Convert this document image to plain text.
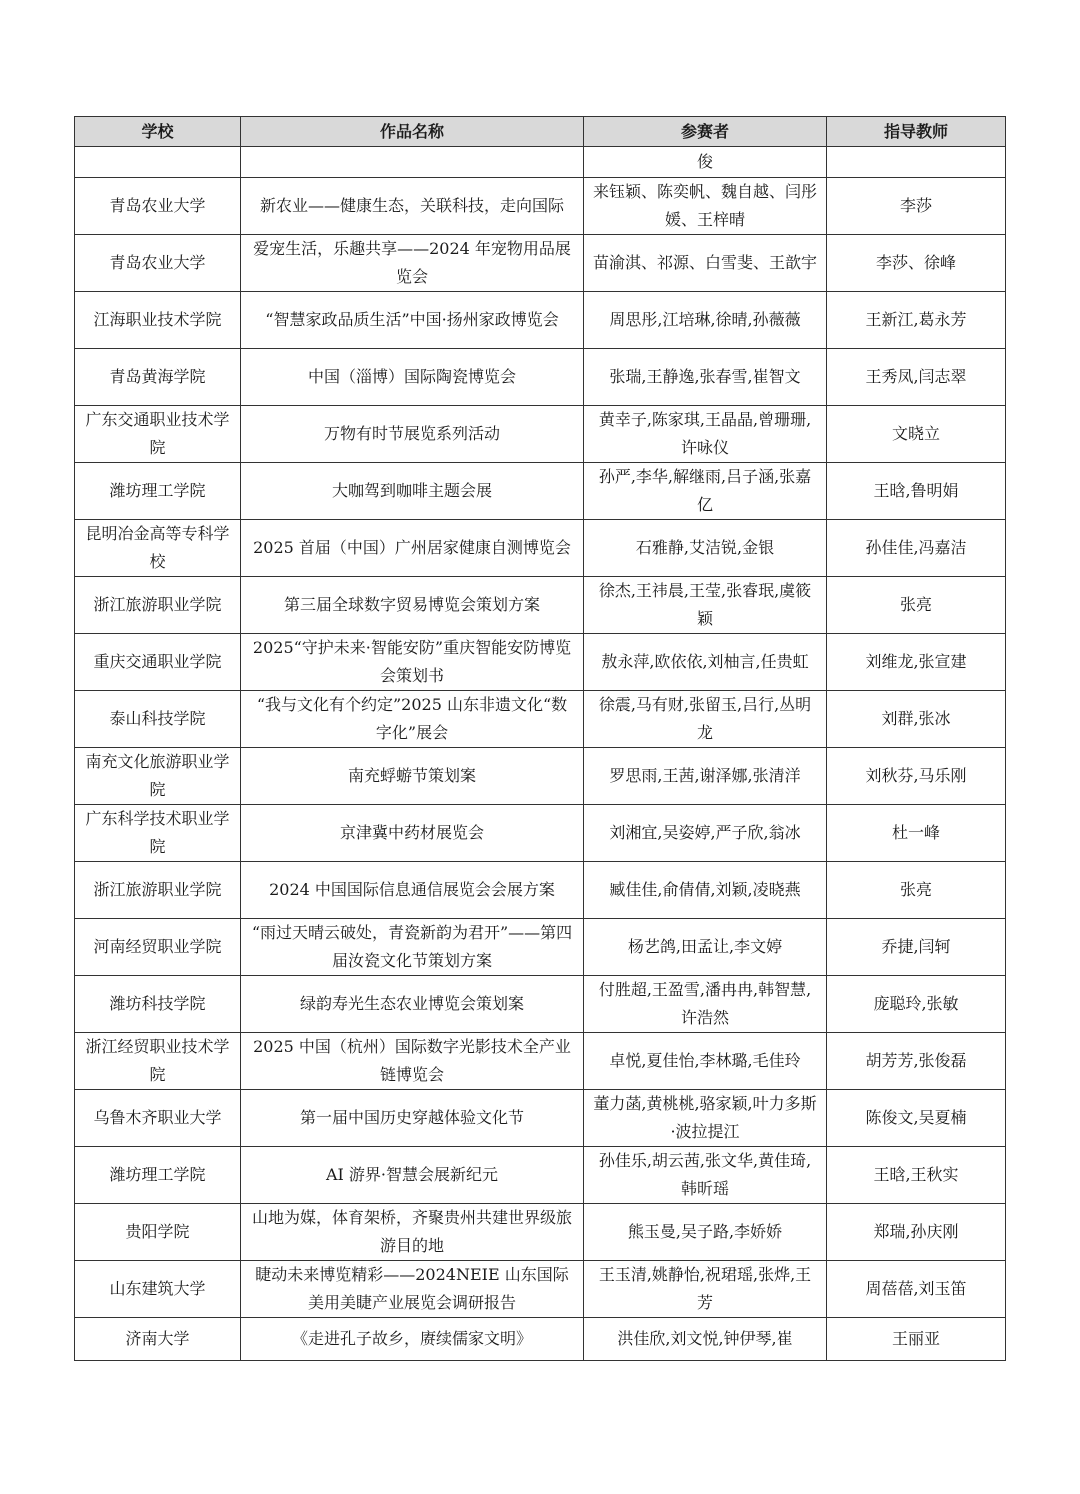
学校	作品名称	参赛者	指导教师
		俊	
青岛农业大学	新农业——健康生态，关联科技，走向国际	来钰颖、陈奕帆、魏自越、闫彤媛、王梓晴	李莎
青岛农业大学	爱宠生活，乐趣共享——2024 年宠物用品展览会	苗渝淇、祁源、白雪斐、王歆宇	李莎、徐峰
江海职业技术学院	“智慧家政品质生活”中国·扬州家政博览会	周思彤,江培琳,徐晴,孙薇薇	王新江,葛永芳
青岛黄海学院	中国（淄博）国际陶瓷博览会	张瑞,王静逸,张春雪,崔智文	王秀凤,闫志翠
广东交通职业技术学院	万物有时节展览系列活动	黄幸子,陈家琪,王晶晶,曾珊珊,许咏仪	文晓立
潍坊理工学院	大咖驾到咖啡主题会展	孙严,李华,解继雨,吕子涵,张嘉亿	王晗,鲁明娟
昆明冶金高等专科学校	2025 首届（中国）广州居家健康自测博览会	石雅静,艾洁锐,金银	孙佳佳,冯嘉洁
浙江旅游职业学院	第三届全球数字贸易博览会策划方案	徐杰,王祎晨,王莹,张睿珉,虞筱颖	张亮
重庆交通职业学院	2025“守护未来·智能安防”重庆智能安防博览会策划书	敖永萍,欧依依,刘柚言,任贵虹	刘维龙,张宣建
泰山科技学院	“我与文化有个约定”2025 山东非遗文化“数字化”展会	徐震,马有财,张留玉,吕行,丛明龙	刘群,张冰
南充文化旅游职业学院	南充蜉蝣节策划案	罗思雨,王茜,谢泽娜,张清洋	刘秋芬,马乐刚
广东科学技术职业学院	京津冀中药材展览会	刘湘宜,吴姿婷,严子欣,翁冰	杜一峰
浙江旅游职业学院	2024 中国国际信息通信展览会会展方案	臧佳佳,俞倩倩,刘颖,凌晓燕	张亮
河南经贸职业学院	“雨过天晴云破处，青瓷新韵为君开”——第四届汝瓷文化节策划方案	杨艺鸽,田孟让,李文婷	乔捷,闫轲
潍坊科技学院	绿韵寿光生态农业博览会策划案	付胜超,王盈雪,潘冉冉,韩智慧,许浩然	庞聪玲,张敏
浙江经贸职业技术学院	2025 中国（杭州）国际数字光影技术全产业链博览会	卓悦,夏佳怡,李林璐,毛佳玲	胡芳芳,张俊磊
乌鲁木齐职业大学	第一届中国历史穿越体验文化节	董力菡,黄桃桃,骆家颖,叶力多斯·波拉提江	陈俊文,吴夏楠
潍坊理工学院	AI 游界·智慧会展新纪元	孙佳乐,胡云茜,张文华,黄佳琦,韩昕瑶	王晗,王秋实
贵阳学院	山地为媒，体育架桥，齐聚贵州共建世界级旅游目的地	熊玉曼,吴子路,李娇娇	郑瑞,孙庆刚
山东建筑大学	睫动未来博览精彩——2024NEIE 山东国际美用美睫产业展览会调研报告	王玉清,姚静怡,祝珺瑶,张烨,王芳	周蓓蓓,刘玉笛
济南大学	《走进孔子故乡，赓续儒家文明》	洪佳欣,刘文悦,钟伊琴,崔	王丽亚
